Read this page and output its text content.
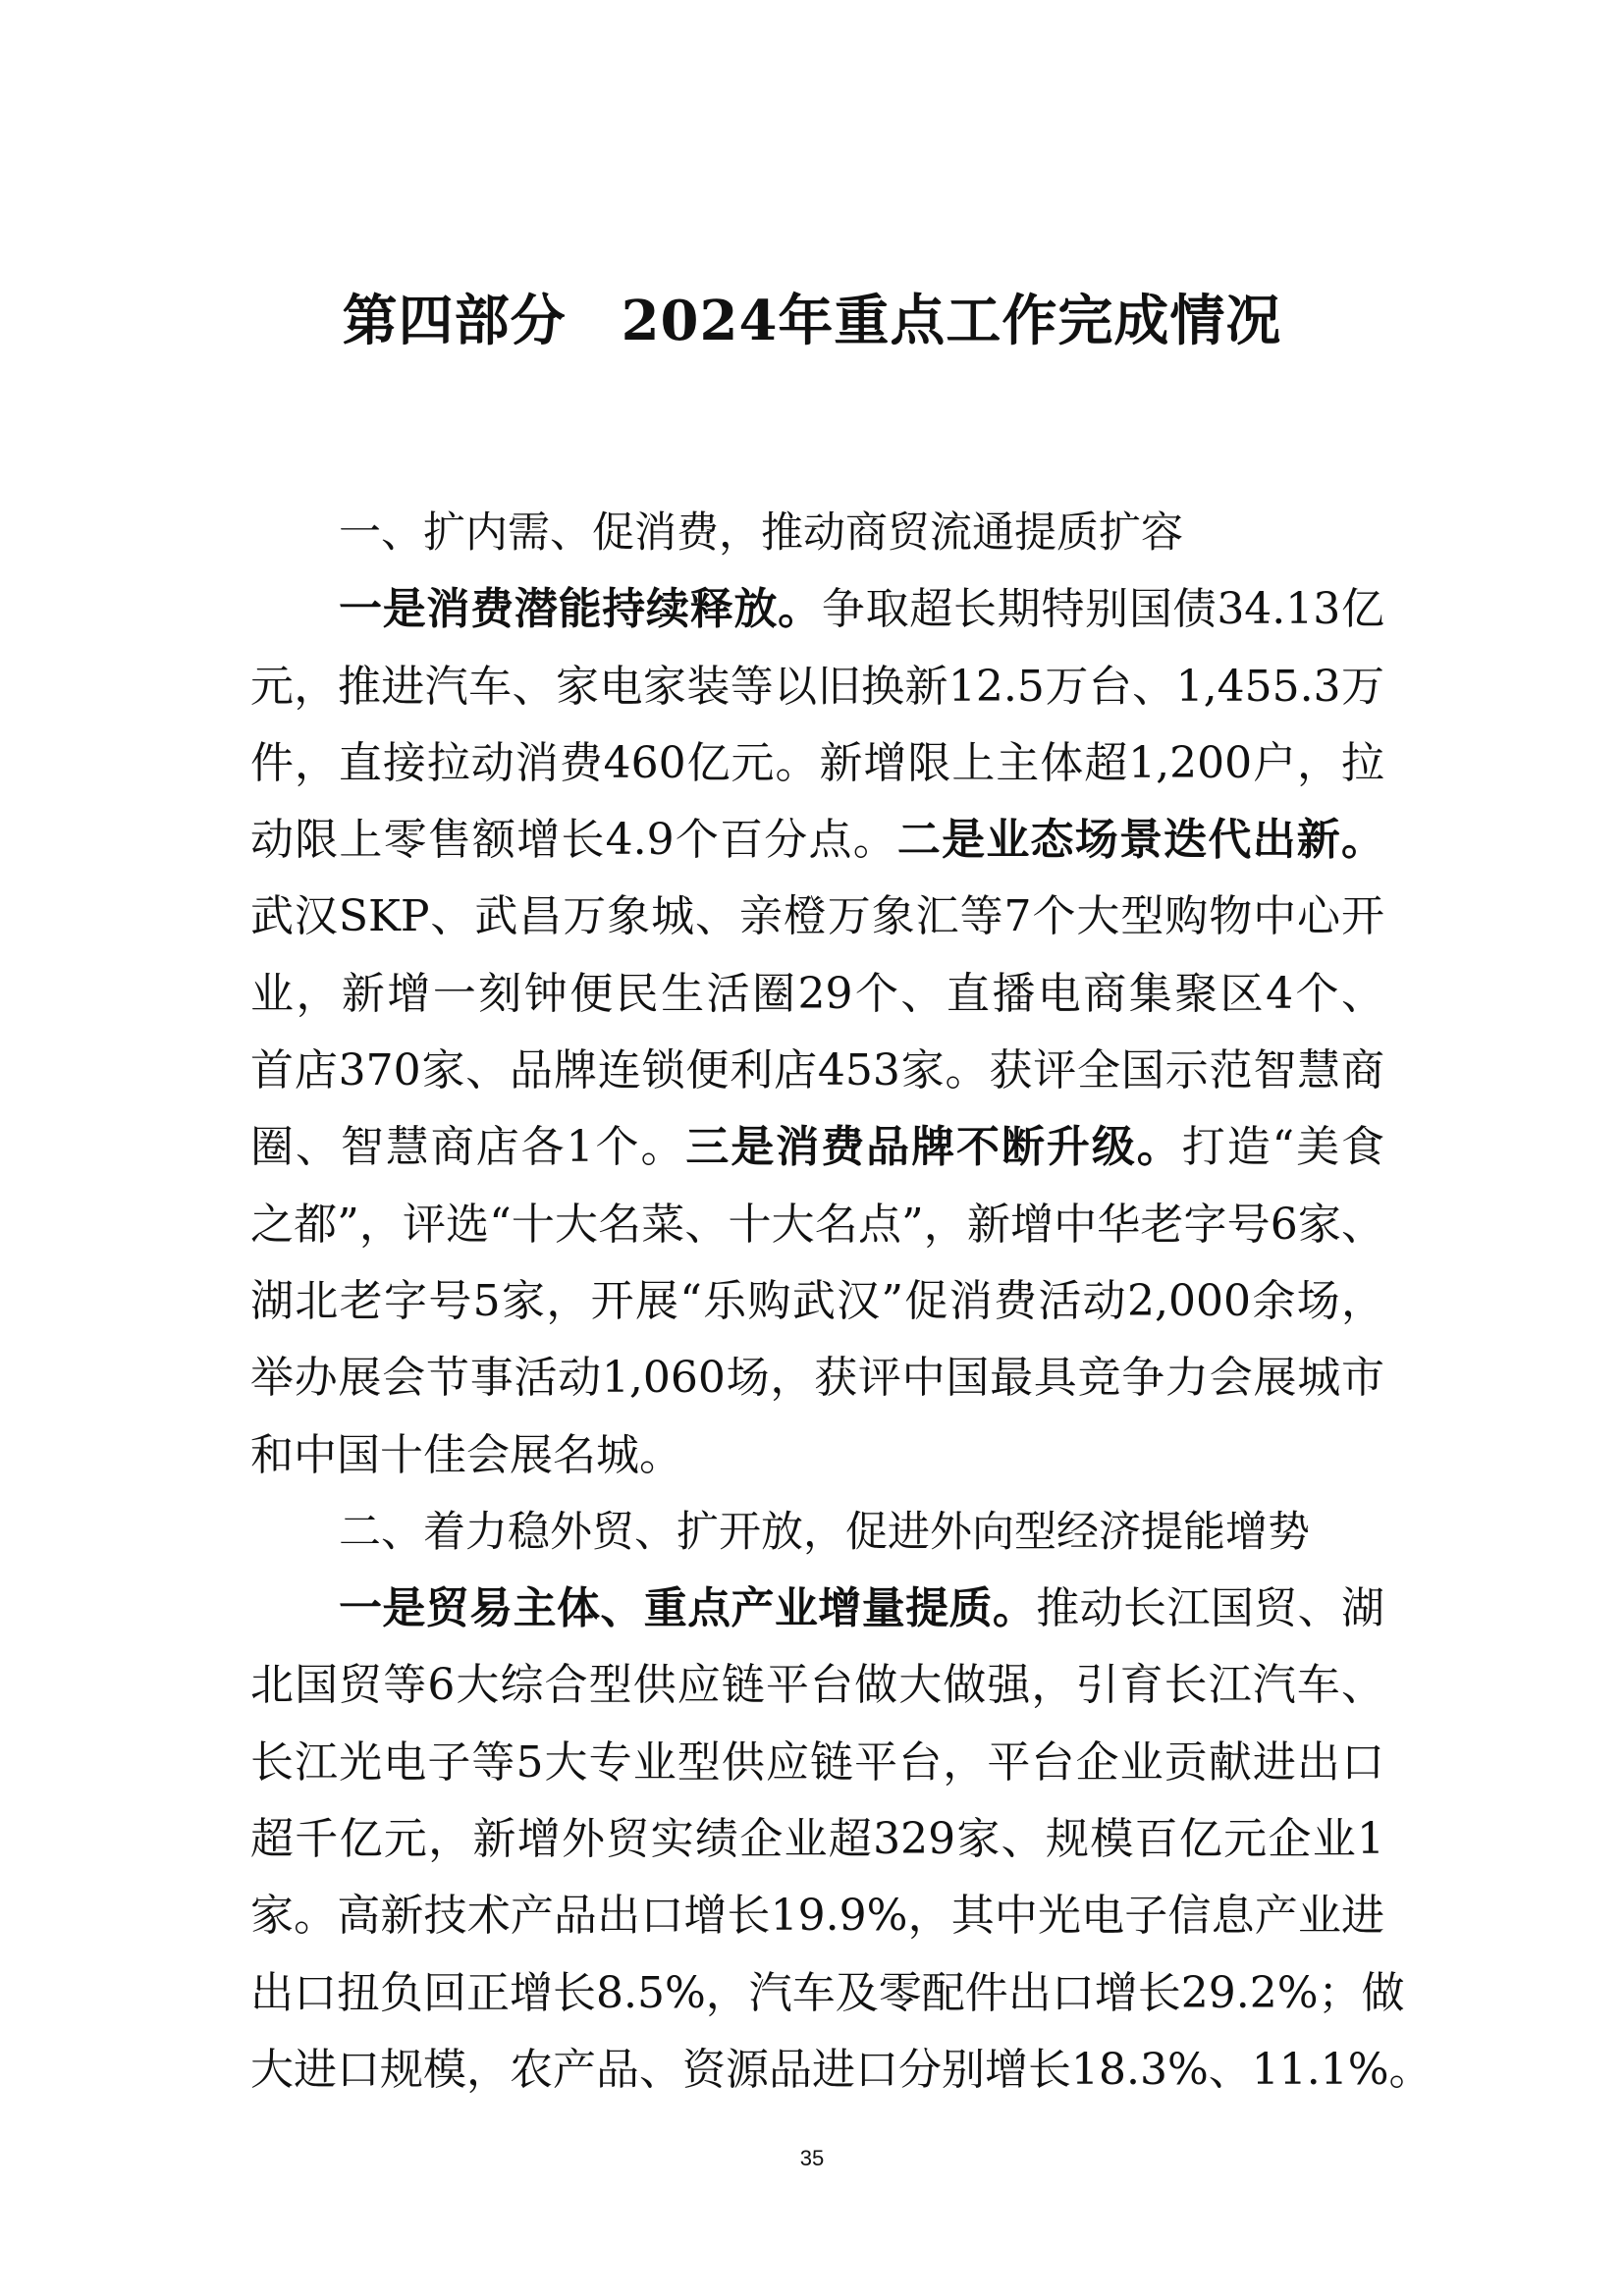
第四部分 2024年重点工作完成情况
一、扩内需、促消费，推动商贸流通提质扩容
一是消费潜能持续释放。争取超长期特别国债34.13亿
元，推进汽车、家电家装等以旧换新12.5万台、1,455.3万
件，直接拉动消费460亿元。新增限上主体超1,200户，拉
动限上零售额增长4.9个百分点。二是业态场景迭代出新。
武汉SKP、武昌万象城、亲橙万象汇等7个大型购物中心开
业，新增一刻钟便民生活圈29个、直播电商集聚区4个、
首店370家、品牌连锁便利店453家。获评全国示范智慧商
圈、智慧商店各1个。三是消费品牌不断升级。打造“美食
之都”，评选“十大名菜、十大名点”，新增中华老字号6家、
湖北老字号5家，开展“乐购武汉”促消费活动2,000余场，
举办展会节事活动1,060场，获评中国最具竞争力会展城市
和中国十佳会展名城。
二、着力稳外贸、扩开放，促进外向型经济提能增势
一是贸易主体、重点产业增量提质。推动长江国贸、湖
北国贸等6大综合型供应链平台做大做强，引育长江汽车、
长江光电子等5大专业型供应链平台，平台企业贡献进出口
超千亿元，新增外贸实绩企业超329家、规模百亿元企业1
家。高新技术产品出口增长19.9%，其中光电子信息产业进
出口扭负回正增长8.5%，汽车及零配件出口增长29.2%；做
大进口规模，农产品、资源品进口分别增长18.3%、11.1%。
35
